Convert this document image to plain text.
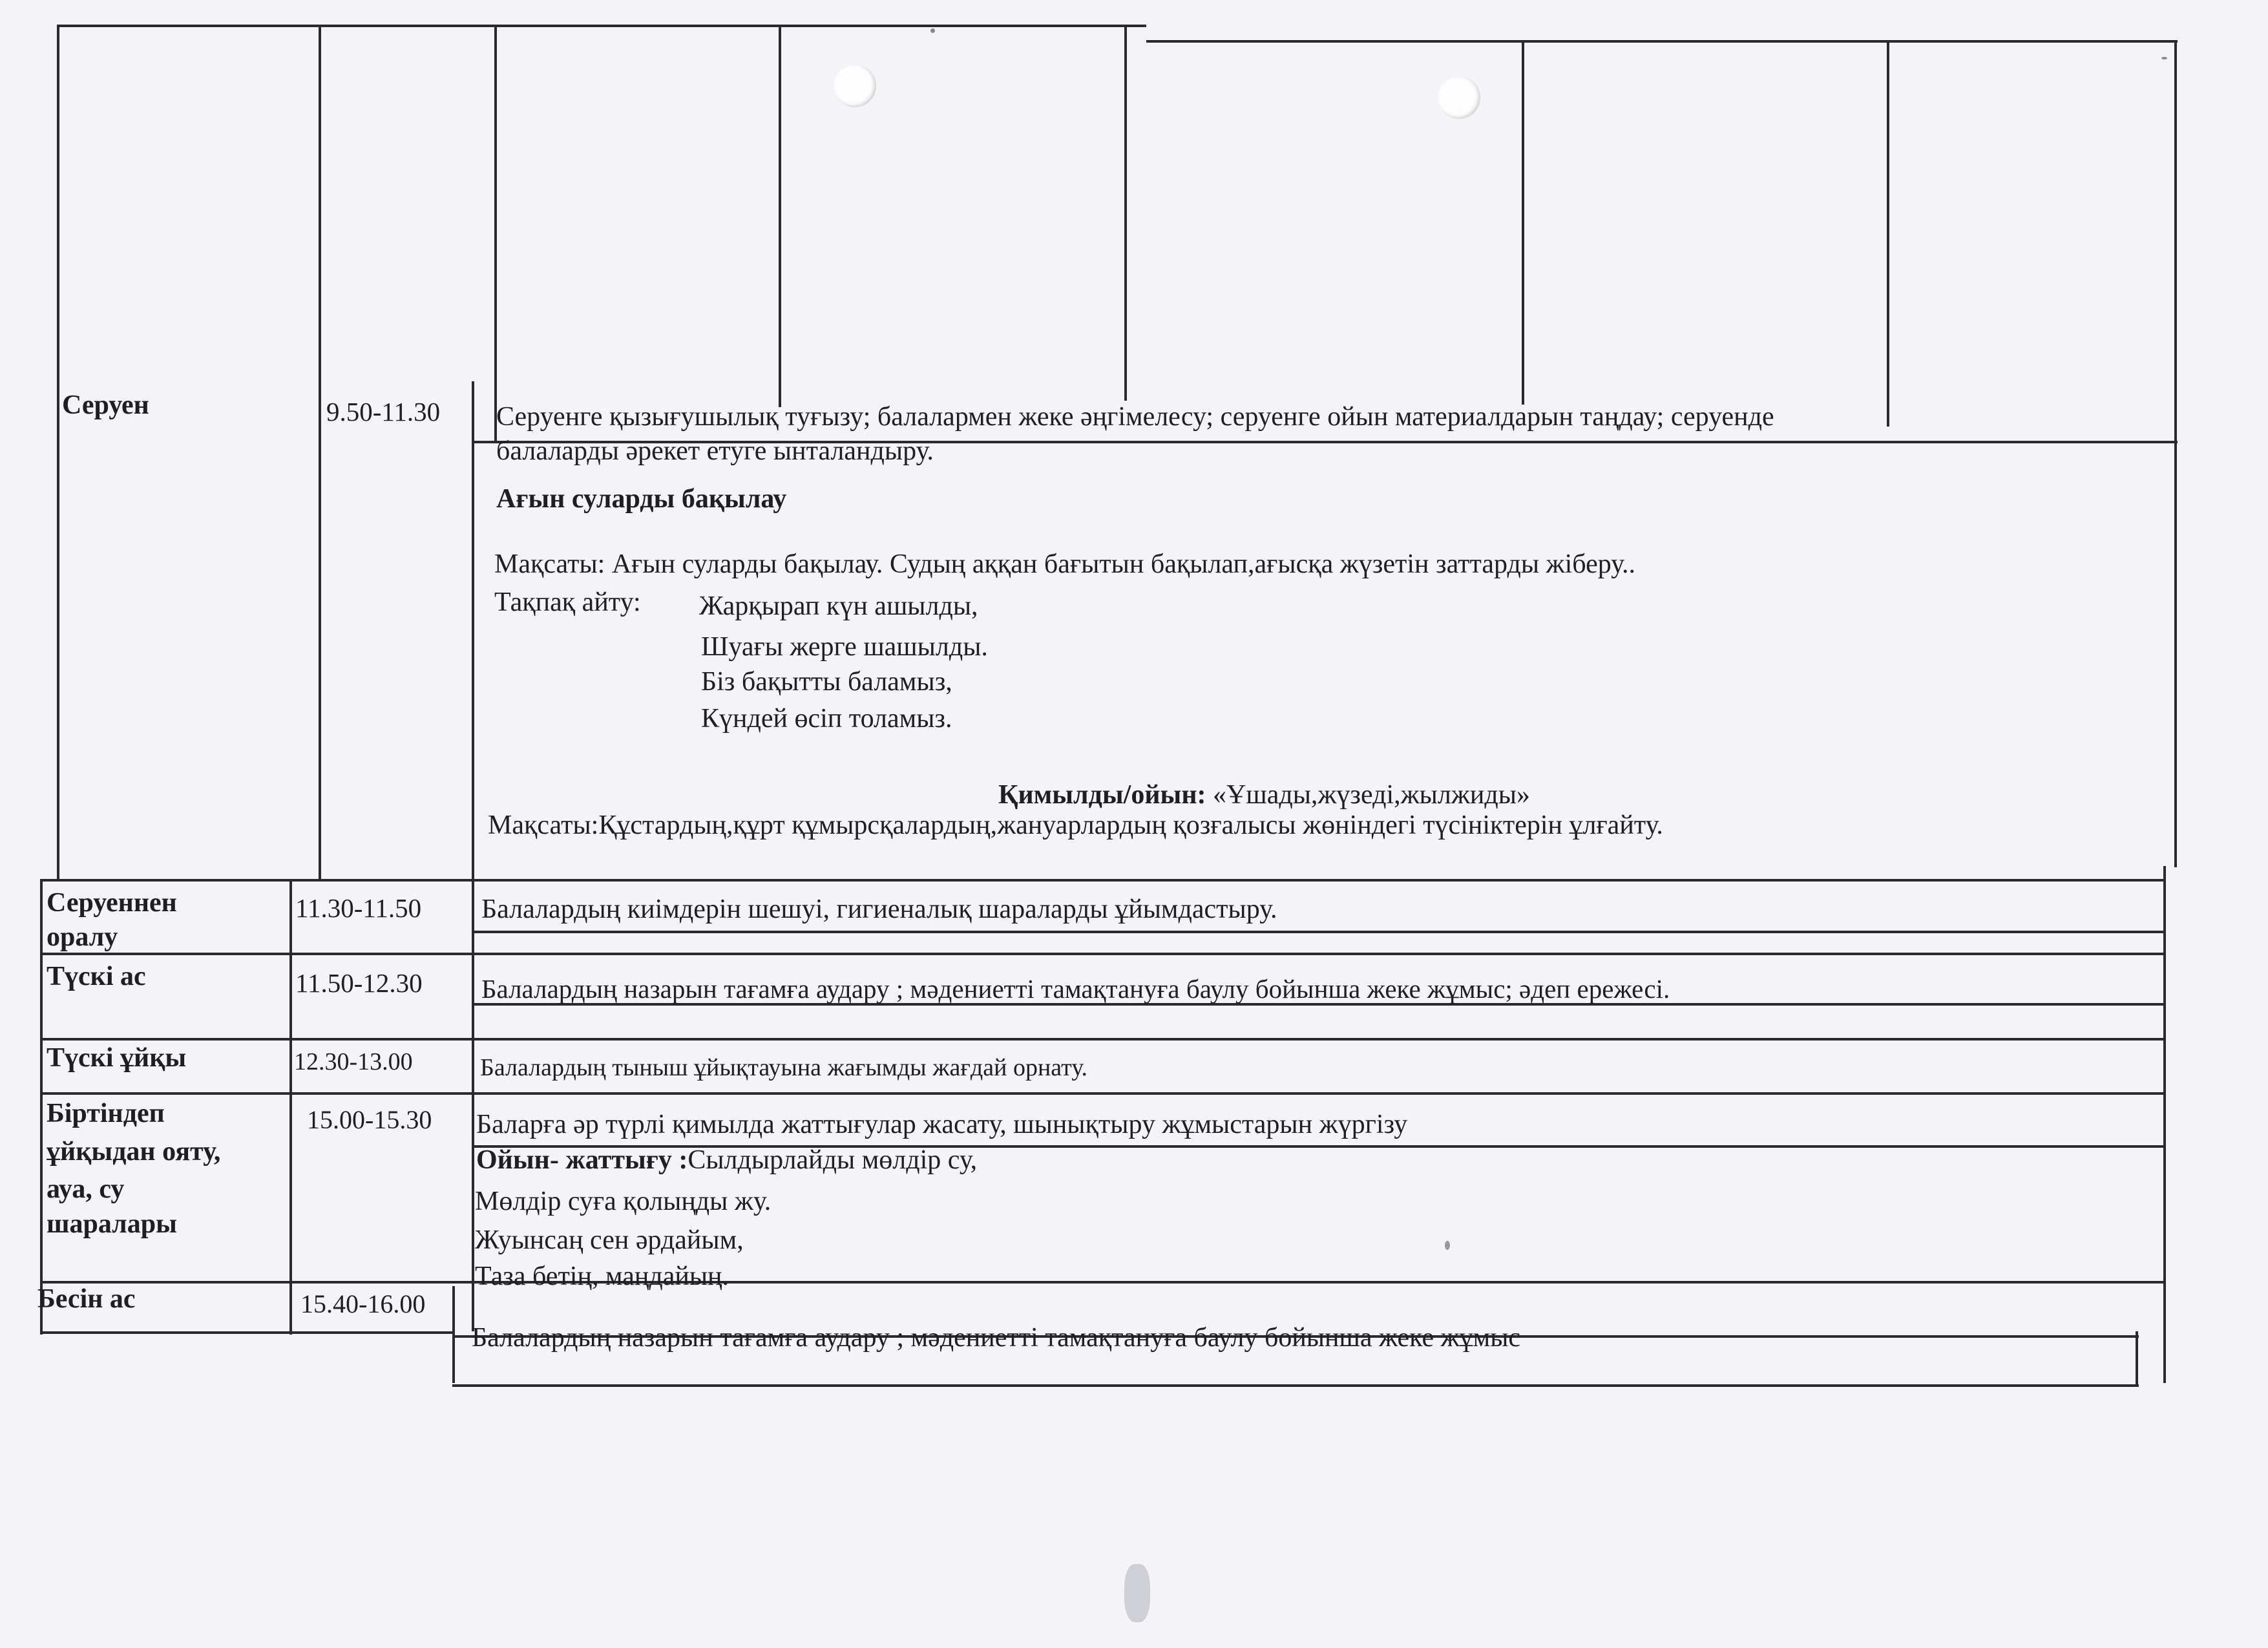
Серуен	9.50-11.30 Серуенге қызығушылық туғызу; балалармен жеке әңгімелесу; серуенге ойын материалдарын таңдау; серуенде
балаларды әрекет етуге ынталандыру.
Ағын суларды бақылау
Мақсаты: Ағын суларды бақылау. Судың аққан бағытын бақылап,ағысқа жүзетін заттарды жіберу..
Тақпақ айту: Жарқырап күн ашылды,
Шуағы жерге шашылды.
Біз бақытты баламыз,
Күндей өсіп толамыз.
Қимылды/ойын: «Ұшады,жүзеді,жылжиды»
Мақсаты:Құстардың,құрт құмырсқалардың,жануарлардың қозғалысы жөніндегі түсініктерін ұлғайту.
Серуеннен
оралу
11.30-11.50 Балалардың киімдерін шешуі, гигиеналық шараларды ұйымдастыру.
Түскі ас	11.50-12.30 Балалардың назарын тағамға аудару ; мәдениетті тамақтануға баулу бойынша жеке жұмыс; әдеп ережесі.
Түскі ұйқы	12.30-13.00	Балалардың тыныш ұйықтауына жағымды жағдай орнату.
Біртіндеп
ұйқыдан ояту,
ауа, су
шаралары
15.00-15.30 Баларға әр түрлі қимылда жаттығулар жасату, шынықтыру жұмыстарын жүргізу
Ойын- жаттығу :Сылдырлайды мөлдір су,
Мөлдір суға қолыңды жу.
Жуынсаң сен әрдайым,
Таза бетің, маңдайың.
Бесін ас	15.40-16.00
Балалардың назарын тағамға аудару ; мәдениетті тамақтануға баулу бойынша жеке жұмыс
